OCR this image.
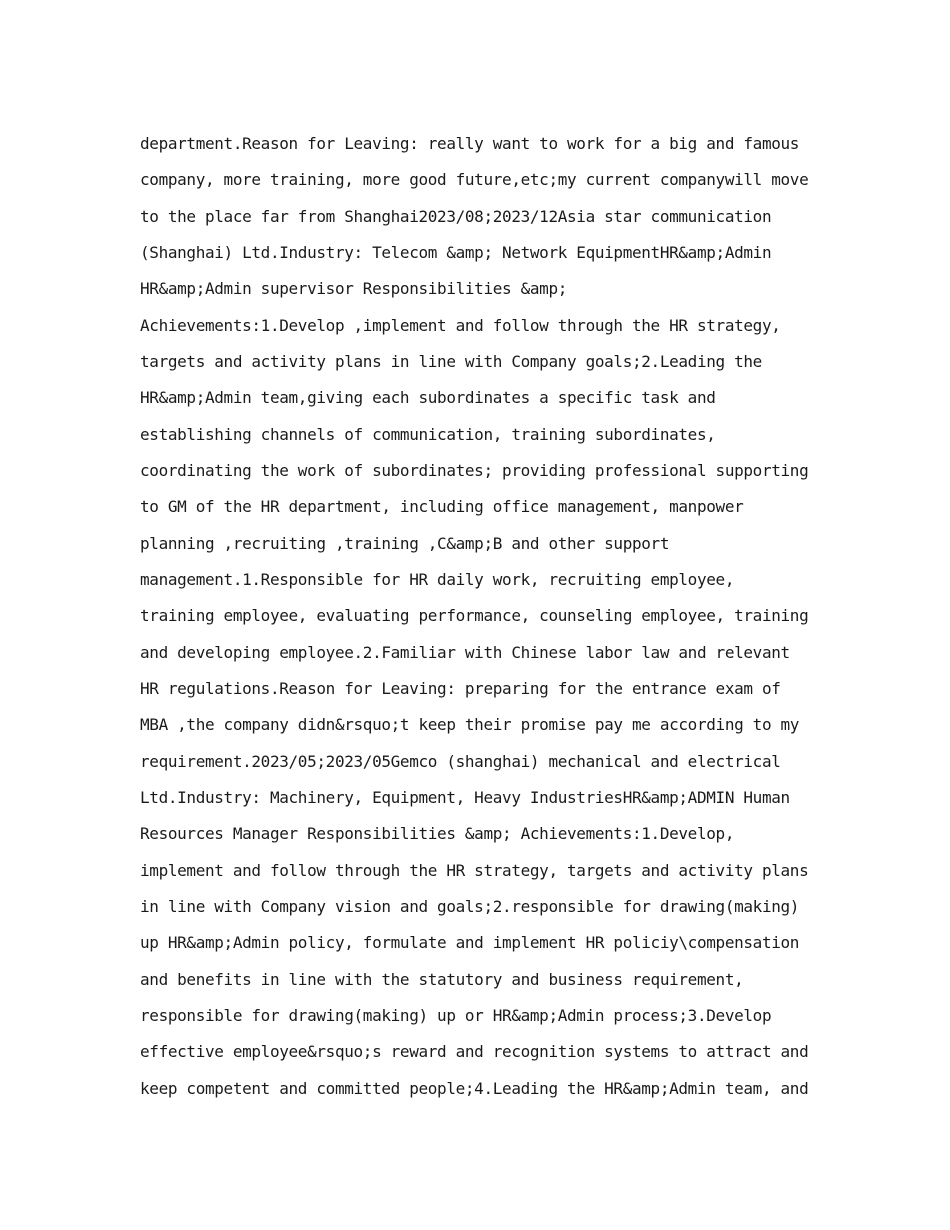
department.Reason for Leaving: really want to work for a big and famous
company, more training, more good future,etc;my current companywill move
to the place far from Shanghai2023/08;2023/12Asia star communication
(Shanghai) Ltd.Industry: Telecom &amp; Network EquipmentHR&amp;Admin
HR&amp;Admin supervisor Responsibilities &amp;
Achievements:1.Develop ,implement and follow through the HR strategy,
targets and activity plans in line with Company goals;2.Leading the
HR&amp;Admin team,giving each subordinates a specific task and
establishing channels of communication, training subordinates,
coordinating the work of subordinates; providing professional supporting
to GM of the HR department, including office management, manpower
planning ,recruiting ,training ,C&amp;B and other support
management.1.Responsible for HR daily work, recruiting employee,
training employee, evaluating performance, counseling employee, training
and developing employee.2.Familiar with Chinese labor law and relevant
HR regulations.Reason for Leaving: preparing for the entrance exam of
MBA ,the company didn&rsquo;t keep their promise pay me according to my
requirement.2023/05;2023/05Gemco (shanghai) mechanical and electrical
Ltd.Industry: Machinery, Equipment, Heavy IndustriesHR&amp;ADMIN Human
Resources Manager Responsibilities &amp; Achievements:1.Develop,
implement and follow through the HR strategy, targets and activity plans
in line with Company vision and goals;2.responsible for drawing(making)
up HR&amp;Admin policy, formulate and implement HR policiy\compensation
and benefits in line with the statutory and business requirement,
responsible for drawing(making) up or HR&amp;Admin process;3.Develop
effective employee&rsquo;s reward and recognition systems to attract and
keep competent and committed people;4.Leading the HR&amp;Admin team, and
